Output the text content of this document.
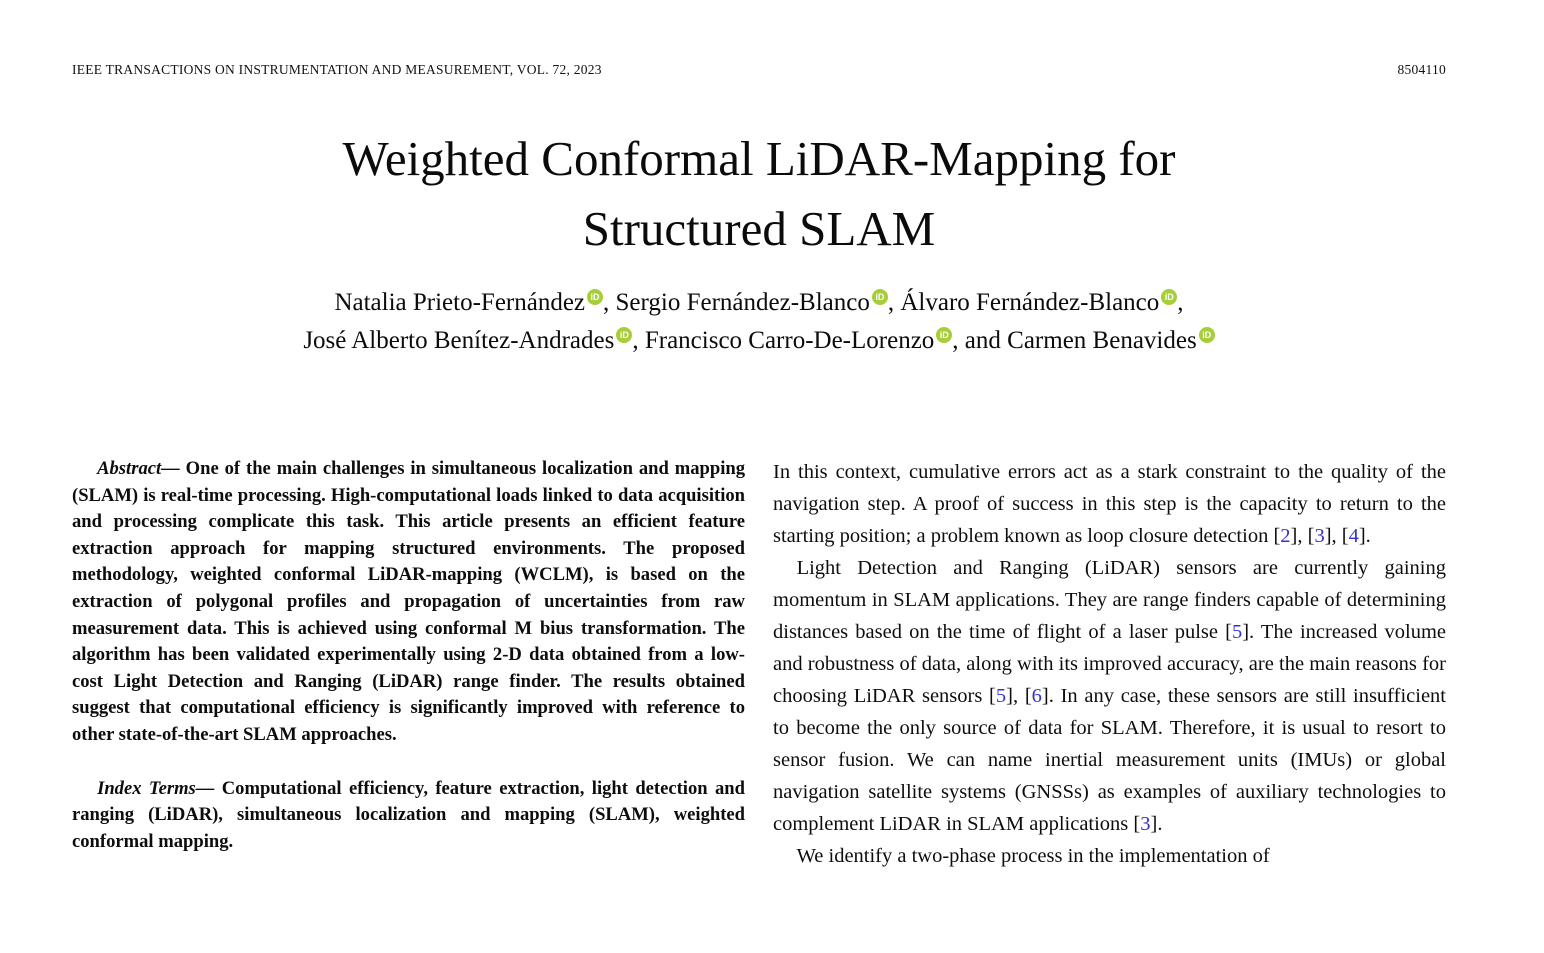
IEEE TRANSACTIONS ON INSTRUMENTATION AND MEASUREMENT, VOL. 72, 2023	8504110
Weighted Conformal LiDAR-Mapping for
Structured SLAM
Natalia Prieto-Fernández iD , Sergio Fernández-Blanco iD , Álvaro Fernández-Blanco iD ,
José Alberto Benítez-Andrades iD , Francisco Carro-De-Lorenzo iD , and Carmen Benavides iD

Abstract— One of the main challenges in simultaneous localization and mapping (SLAM) is real-time processing. High-computational loads linked to data acquisition and processing complicate this task. This article presents an efficient feature extraction approach for mapping structured environments. The proposed methodology, weighted conformal LiDAR-mapping (WCLM), is based on the extraction of polygonal profiles and propagation of uncertainties from raw measurement data. This is achieved using conformal M bius transformation. The algorithm has been validated experimentally using 2-D data obtained from a low-cost Light Detection and Ranging (LiDAR) range finder. The results obtained suggest that computational efficiency is significantly improved with reference to other state-of-the-art SLAM approaches.

Index Terms— Computational efficiency, feature extraction, light detection and ranging (LiDAR), simultaneous localization and mapping (SLAM), weighted conformal mapping.

In this context, cumulative errors act as a stark constraint to the quality of the navigation step. A proof of success in this step is the capacity to return to the starting position; a problem known as loop closure detection [2], [3], [4].

Light Detection and Ranging (LiDAR) sensors are currently gaining momentum in SLAM applications. They are range finders capable of determining distances based on the time of flight of a laser pulse [5]. The increased volume and robustness of data, along with its improved accuracy, are the main reasons for choosing LiDAR sensors [5], [6]. In any case, these sensors are still insufficient to become the only source of data for SLAM. Therefore, it is usual to resort to sensor fusion. We can name inertial measurement units (IMUs) or global navigation satellite systems (GNSSs) as examples of auxiliary technologies to complement LiDAR in SLAM applications [3].

We identify a two-phase process in the implementation of
